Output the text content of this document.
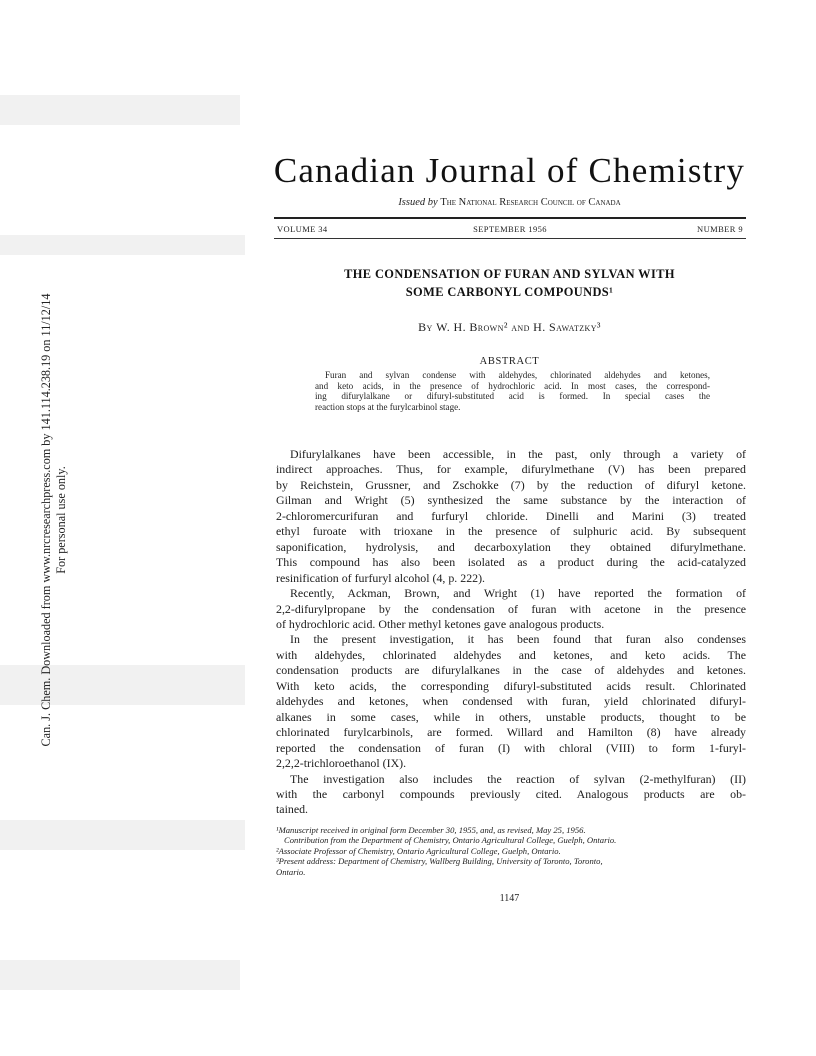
Can. J. Chem. Downloaded from www.nrcresearchpress.com by 141.114.238.19 on 11/12/14 For personal use only.
Canadian Journal of Chemistry
Issued by The National Research Council of Canada
VOLUME 34	SEPTEMBER 1956	NUMBER 9
THE CONDENSATION OF FURAN AND SYLVAN WITH
SOME CARBONYL COMPOUNDS¹
By W. H. Brown² and H. Sawatzky³
ABSTRACT
Furan and sylvan condense with aldehydes, chlorinated aldehydes and ketones,
and keto acids, in the presence of hydrochloric acid. In most cases, the correspond-
ing difurylalkane or difuryl-substituted acid is formed. In special cases the
reaction stops at the furylcarbinol stage.
Difurylalkanes have been accessible, in the past, only through a variety of
indirect approaches. Thus, for example, difurylmethane (V) has been prepared
by Reichstein, Grussner, and Zschokke (7) by the reduction of difuryl ketone.
Gilman and Wright (5) synthesized the same substance by the interaction of
2-chloromercurifuran and furfuryl chloride. Dinelli and Marini (3) treated
ethyl furoate with trioxane in the presence of sulphuric acid. By subsequent
saponification, hydrolysis, and decarboxylation they obtained difurylmethane.
This compound has also been isolated as a product during the acid-catalyzed
resinification of furfuryl alcohol (4, p. 222).
Recently, Ackman, Brown, and Wright (1) have reported the formation of
2,2-difurylpropane by the condensation of furan with acetone in the presence
of hydrochloric acid. Other methyl ketones gave analogous products.
In the present investigation, it has been found that furan also condenses
with aldehydes, chlorinated aldehydes and ketones, and keto acids. The
condensation products are difurylalkanes in the case of aldehydes and ketones.
With keto acids, the corresponding difuryl-substituted acids result. Chlorinated
aldehydes and ketones, when condensed with furan, yield chlorinated difuryl-
alkanes in some cases, while in others, unstable products, thought to be
chlorinated furylcarbinols, are formed. Willard and Hamilton (8) have already
reported the condensation of furan (I) with chloral (VIII) to form 1-furyl-
2,2,2-trichloroethanol (IX).
The investigation also includes the reaction of sylvan (2-methylfuran) (II)
with the carbonyl compounds previously cited. Analogous products are ob-
tained.
¹Manuscript received in original form December 30, 1955, and, as revised, May 25, 1956.
Contribution from the Department of Chemistry, Ontario Agricultural College, Guelph, Ontario.
²Associate Professor of Chemistry, Ontario Agricultural College, Guelph, Ontario.
³Present address: Department of Chemistry, Wallberg Building, University of Toronto, Toronto,
Ontario.
1147
